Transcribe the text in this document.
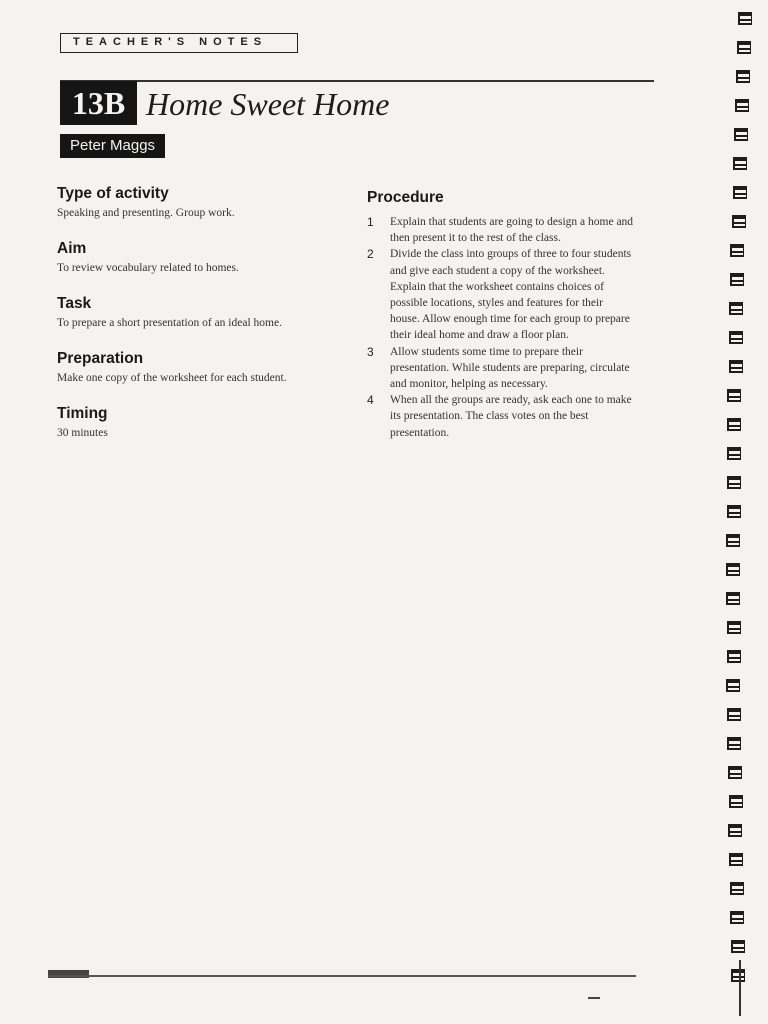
TEACHER'S NOTES
13B Home Sweet Home
Peter Maggs
Type of activity

Speaking and presenting. Group work.

Aim

To review vocabulary related to homes.

Task

To prepare a short presentation of an ideal home.

Preparation

Make one copy of the worksheet for each student.

Timing

30 minutes

Procedure
1	Explain that students are going to design a home and then present it to the rest of the class.
2	Divide the class into groups of three to four students and give each student a copy of the worksheet. Explain that the worksheet contains choices of possible locations, styles and features for their house. Allow enough time for each group to prepare their ideal home and draw a floor plan.
3	Allow students some time to prepare their presentation. While students are preparing, circulate and monitor, helping as necessary.
4	When all the groups are ready, ask each one to make its presentation. The class votes on the best presentation.
